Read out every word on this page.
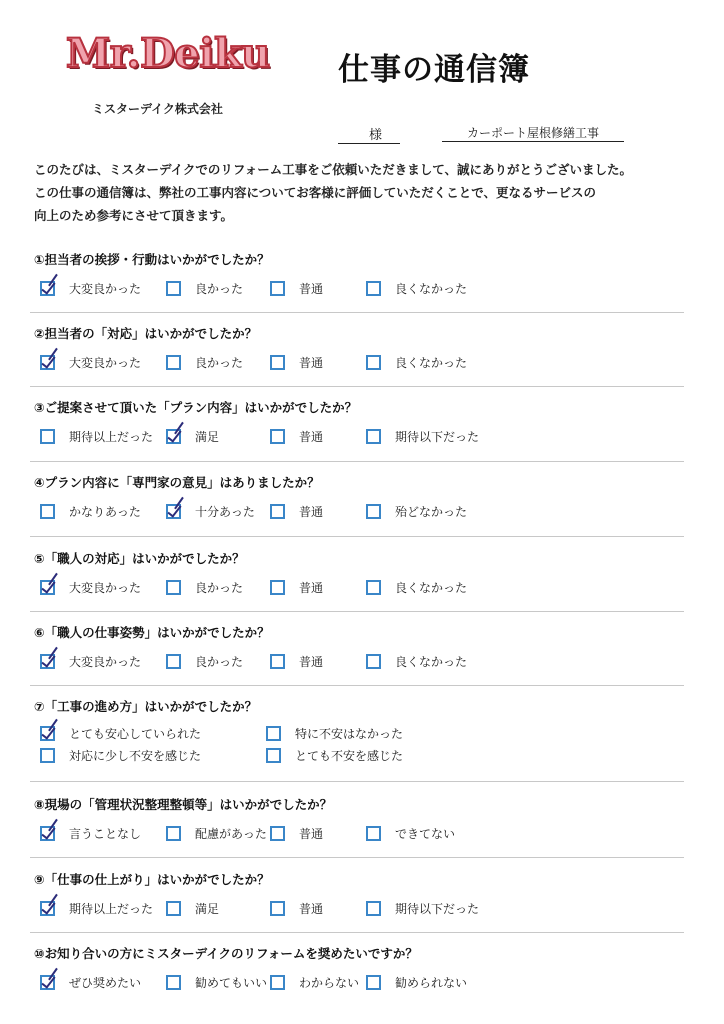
Mr.Deiku 仕事の通信簿
ミスターデイク株式会社
様	カーポート屋根修繕工事

このたびは、ミスターデイクでのリフォーム工事をご依頼いただきまして、誠にありがとうございました。

この仕事の通信簿は、弊社の工事内容についてお客様に評価していただくことで、更なるサービスの

向上のため参考にさせて頂きます。

①担当者の挨拶・行動はいかがでしたか？
大変良かった	良かった	普通	良くなかった
②担当者の「対応」はいかがでしたか？
大変良かった	良かった	普通	良くなかった
③ご提案させて頂いた「プラン内容」はいかがでしたか？
期待以上だった	満足	普通	期待以下だった
④プラン内容に「専門家の意見」はありましたか？
かなりあった	十分あった	普通	殆どなかった
⑤「職人の対応」はいかがでしたか？
大変良かった	良かった	普通	良くなかった
⑥「職人の仕事姿勢」はいかがでしたか？
大変良かった	良かった	普通	良くなかった
⑦「工事の進め方」はいかがでしたか？
とても安心していられた	特に不安はなかった
対応に少し不安を感じた	とても不安を感じた
⑧現場の「管理状況整理整頓等」はいかがでしたか？
言うことなし	配慮があった	普通	できてない
⑨「仕事の仕上がり」はいかがでしたか？
期待以上だった	満足	普通	期待以下だった
⑩お知り合いの方にミスターデイクのリフォームを奨めたいですか？
ぜひ奨めたい	勧めてもいい	わからない	勧められない
